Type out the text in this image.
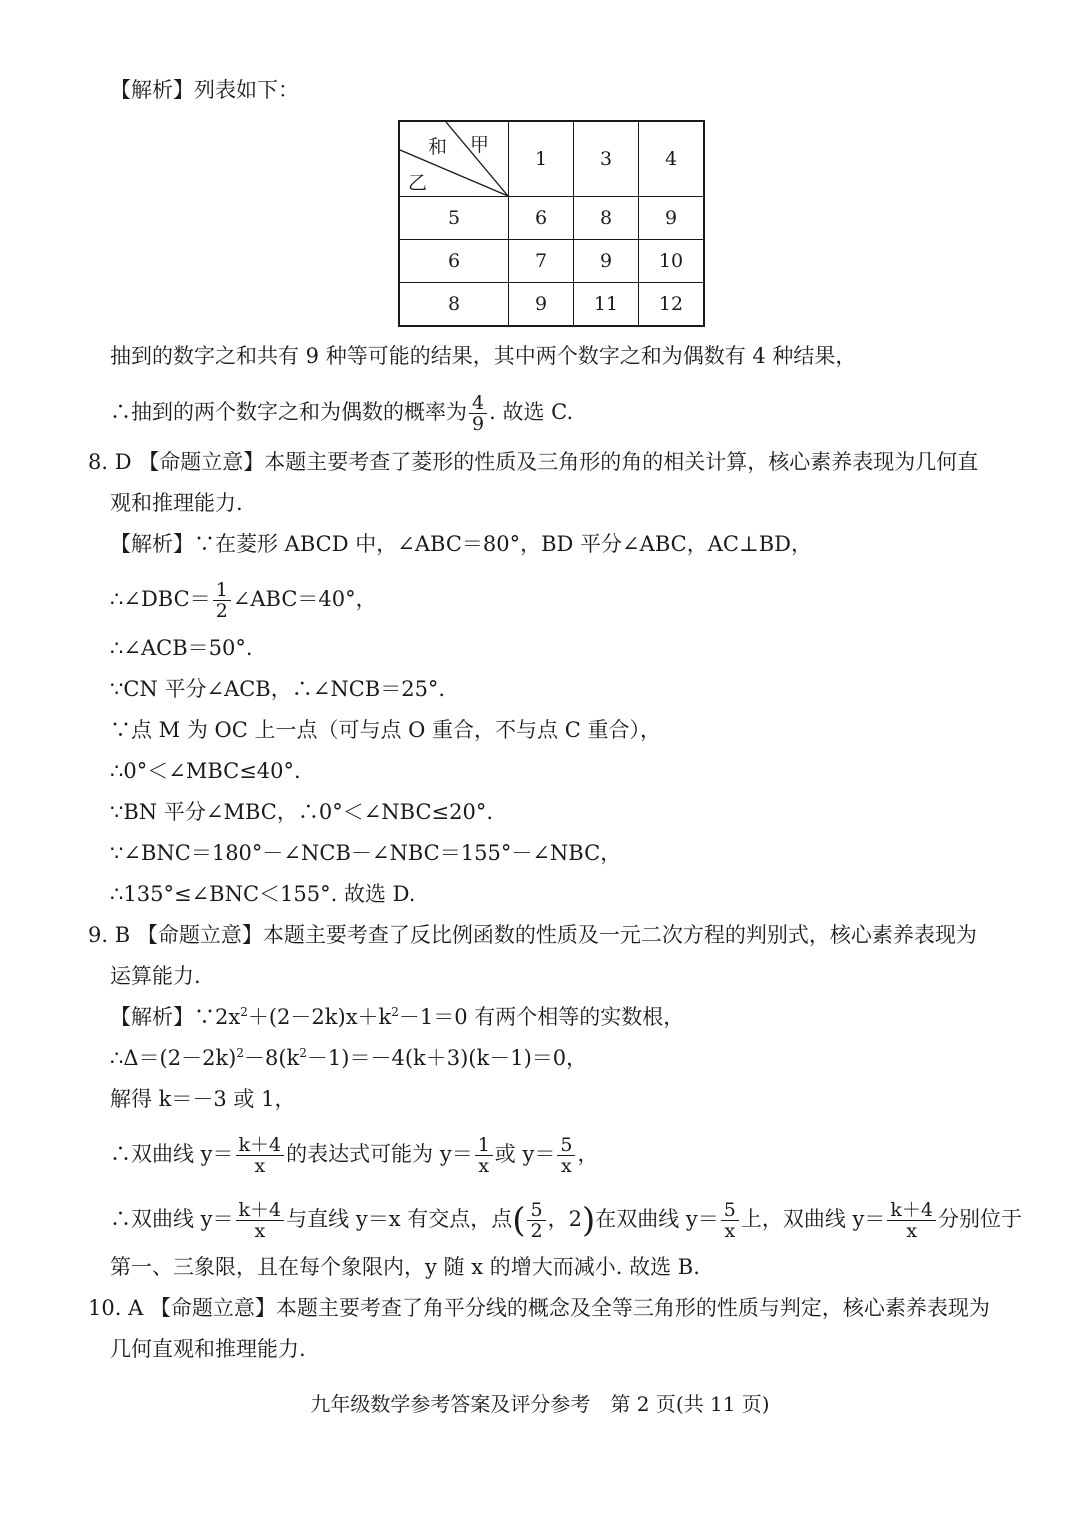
【解析】列表如下：
和 甲
乙	1	3	4
5	6	8	9
6	7	9	10
8	9	11	12
抽到的数字之和共有 9 种等可能的结果，其中两个数字之和为偶数有 4 种结果，
∴抽到的两个数字之和为偶数的概率为 $\frac{4}{9}$ . 故选 C.
8. D 【命题立意】本题主要考查了菱形的性质及三角形的角的相关计算，核心素养表现为几何直
观和推理能力.
【解析】∵在菱形 ABCD 中，∠ABC＝80°，BD 平分∠ABC，AC⊥BD，
∴∠DBC＝ $\frac{1}{2}$ ∠ABC＝40°，
∴∠ACB＝50°.
∵CN 平分∠ACB，∴∠NCB＝25°.
∵点 M 为 OC 上一点（可与点 O 重合，不与点 C 重合），
∴0°＜∠MBC≤40°.
∵BN 平分∠MBC，∴0°＜∠NBC≤20°.
∵∠BNC＝180°－∠NCB－∠NBC＝155°－∠NBC，
∴135°≤∠BNC＜155°. 故选 D.
9. B 【命题立意】本题主要考查了反比例函数的性质及一元二次方程的判别式，核心素养表现为
运算能力.
【解析】$\because 2x^2+(2-2k)x+k^2-1=0$ 有两个相等的实数根，
$\therefore\Delta=(2-2k)^2-8(k^2-1)=-4(k+3)(k-1)=0$，
解得 k＝－3 或 1，
∴双曲线 $y= \frac{k+4}{x}$ 的表达式可能为 $y= \frac{1}{x}$ 或 $y= \frac{5}{x}$ ，
∴双曲线 $y= \frac{k+4}{x}$ 与直线 y＝x 有交点，点( $\frac{5}{2}$ ，2)在双曲线 $y= \frac{5}{x}$ 上，双曲线 $y= \frac{k+4}{x}$ 分别位于
第一、三象限，且在每个象限内，y 随 x 的增大而减小. 故选 B.
10. A 【命题立意】本题主要考查了角平分线的概念及全等三角形的性质与判定，核心素养表现为
几何直观和推理能力.
九年级数学参考答案及评分参考　第 2 页(共 11 页)
